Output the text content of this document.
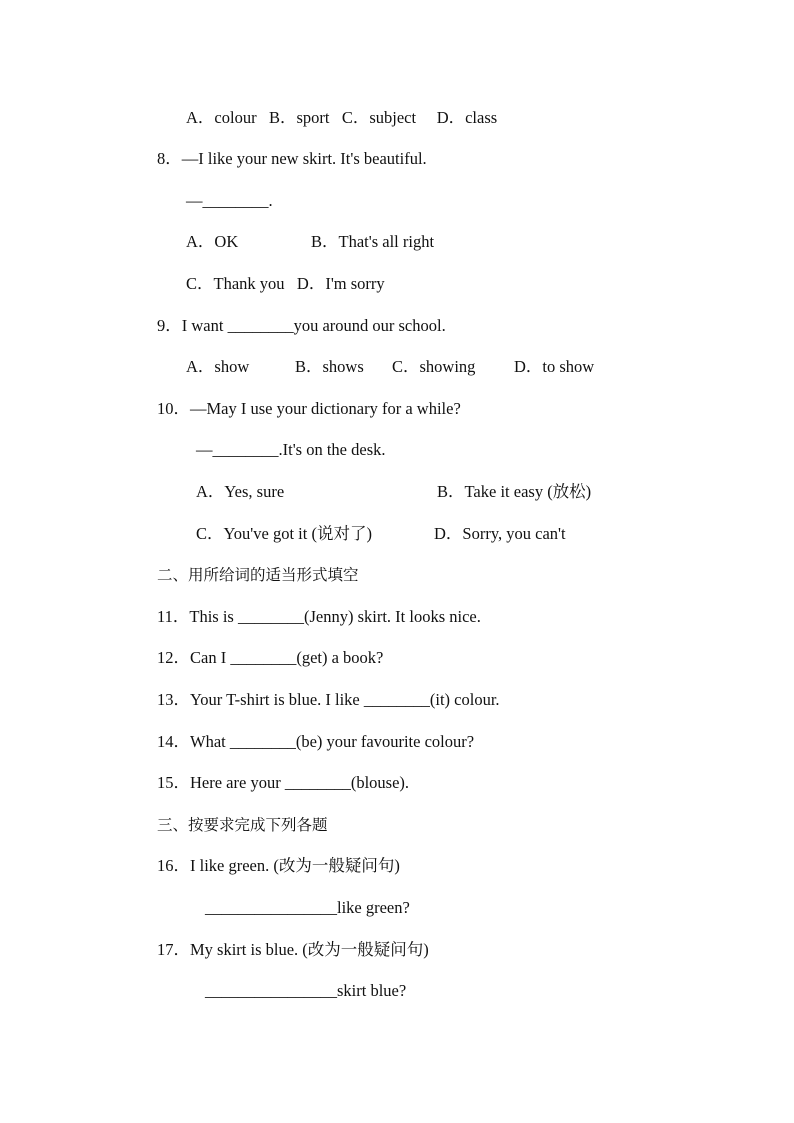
A．colour   B．sport   C．subject     D．class
8．—I like your new skirt. It's beautiful.
—________.
A．OK	B．That's all right
C．Thank you   D．I'm sorry
9．I want ________you around our school.
A．show	B．shows C．showing D．to show
10．—May I use your dictionary for a while?
—________.It's on the desk.
A．Yes, sure	B．Take it easy (放松)
C．You've got it (说对了)	D．Sorry, you can't
二、用所给词的适当形式填空
11．This is ________(Jenny) skirt. It looks nice.
12．Can I ________(get) a book?
13．Your T-shirt is blue. I like ________(it) colour.
14．What ________(be) your favourite colour?
15．Here are your ________(blouse).
三、按要求完成下列各题
16．I like green. (改为一般疑问句)
________________like green?
17．My skirt is blue. (改为一般疑问句)
________________skirt blue?
